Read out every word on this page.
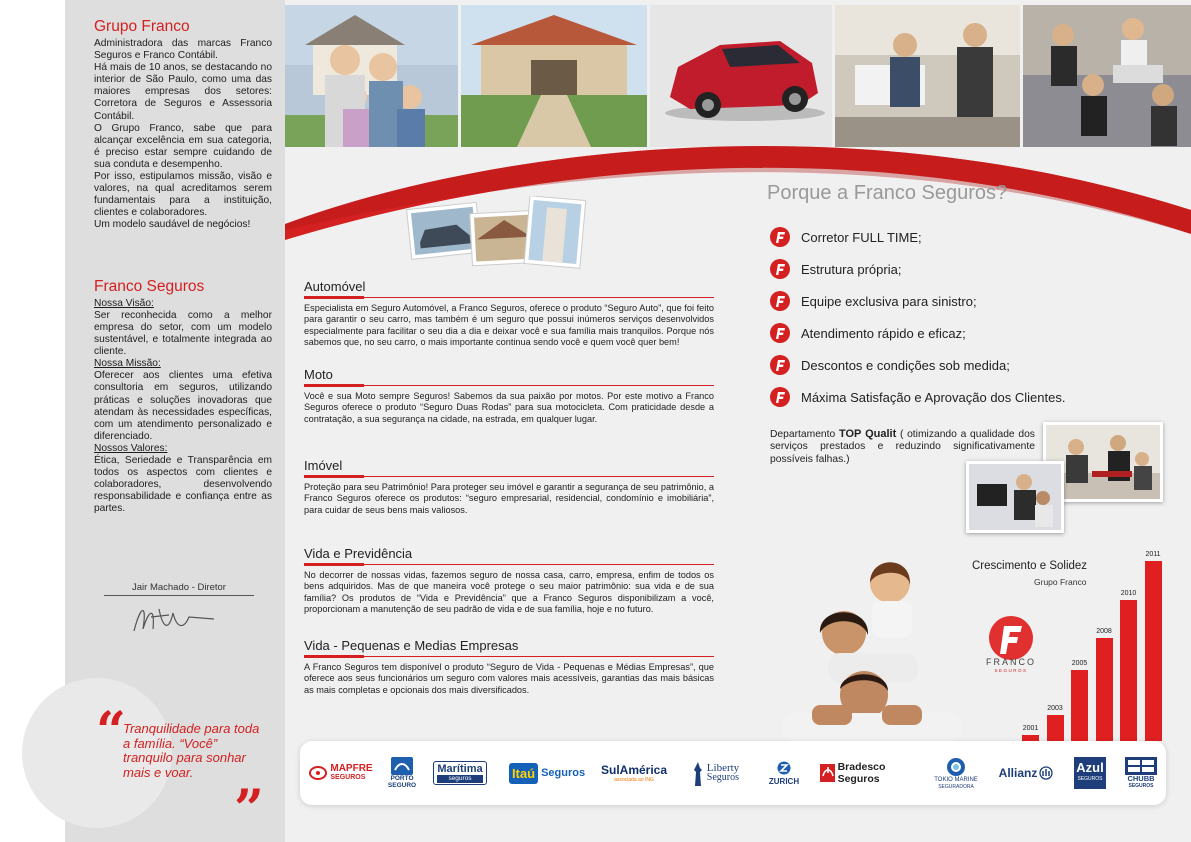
Grupo Franco

Administradora das marcas Franco Seguros e Franco Contábil.

Há mais de 10 anos, se destacando no interior de São Paulo, como uma das maiores empresas dos setores: Corretora de Seguros e Assessoria Contábil.

O Grupo Franco, sabe que para alcançar excelência em sua categoria, é preciso estar sempre cuidando de sua conduta e desempenho.

Por isso, estipulamos missão, visão e valores, na qual acreditamos serem fundamentais para a instituição, clientes e colaboradores.

Um modelo saudável de negócios!

Franco Seguros
Nossa Visão:
Ser reconhecida como a melhor empresa do setor, com um modelo sustentável, e totalmente integrada ao cliente.
Nossa Missão:
Oferecer aos clientes uma efetiva consultoria em seguros, utilizando práticas e soluções inovadoras que atendam às necessidades específicas, com um atendimento personalizado e diferenciado.
Nossos Valores:
Ética, Seriedade e Transparência em todos os aspectos com clientes e colaboradores, desenvolvendo responsabilidade e confiança entre as partes.
Jair Machado - Diretor
“
Tranquilidade para toda a família. “Você” tranquilo para sonhar mais e voar.
”
Automóvel
Especialista em Seguro Automóvel, a Franco Seguros, oferece o produto “Seguro Auto”, que foi feito para garantir o seu carro, mas também é um seguro que possui inúmeros serviços desenvolvidos especialmente para facilitar o seu dia a dia e deixar você e sua família mais tranquilos. Porque nós sabemos que, no seu carro, o mais importante continua sendo você e quem você quer bem!
Moto
Você e sua Moto sempre Seguros! Sabemos da sua paixão por motos. Por este motivo a Franco Seguros oferece o produto “Seguro Duas Rodas” para sua motocicleta. Com praticidade desde a contratação, a sua segurança na cidade, na estrada, em qualquer lugar.
Imóvel
Proteção para seu Patrimônio! Para proteger seu imóvel e garantir a segurança de seu patrimônio, a Franco Seguros oferece os produtos: “seguro empresarial, residencial, condomínio e imobiliária”, para cuidar de seus bens mais valiosos.
Vida e Previdência
No decorrer de nossas vidas, fazemos seguro de nossa casa, carro, empresa, enfim de todos os bens adquiridos. Mas de que maneira você protege o seu maior patrimônio: sua vida e de sua família? Os produtos de “Vida e Previdência” que a Franco Seguros disponibilizam a você, proporcionam a manutenção de seu padrão de vida e de sua família, hoje e no futuro.
Vida - Pequenas e Medias Empresas
A Franco Seguros tem disponível o produto “Seguro de Vida - Pequenas e Médias Empresas”, que oferece aos seus funcionários um seguro com valores mais acessíveis, garantias das mais básicas as mais completas e opcionais dos mais diversificados.
Porque a Franco Seguros?
Corretor FULL TIME;
Estrutura própria;
Equipe exclusiva para sinistro;
Atendimento rápido e eficaz;
Descontos e condições sob medida;
Máxima Satisfação e Aprovação dos Clientes.
Departamento TOP Qualit ( otimizando a qualidade dos serviços prestados e reduzindo significativamente possíveis falhas.)
FRANCO
SEGUROS
Crescimento e Solidez
Grupo Franco
2001
2003
2005
2008
2010
2011
MAPFRE
SEGUROS	PORTO
SEGURO
Marítima
seguros	Itaú Seguros SulAmérica
associada ao ING
Liberty
Seguros	ZURICH
Bradesco Seguros	TOKIO MARINE
SEGURADORA
Allianz	Azul
SEGUROS	CHUBB
SEGUROS
